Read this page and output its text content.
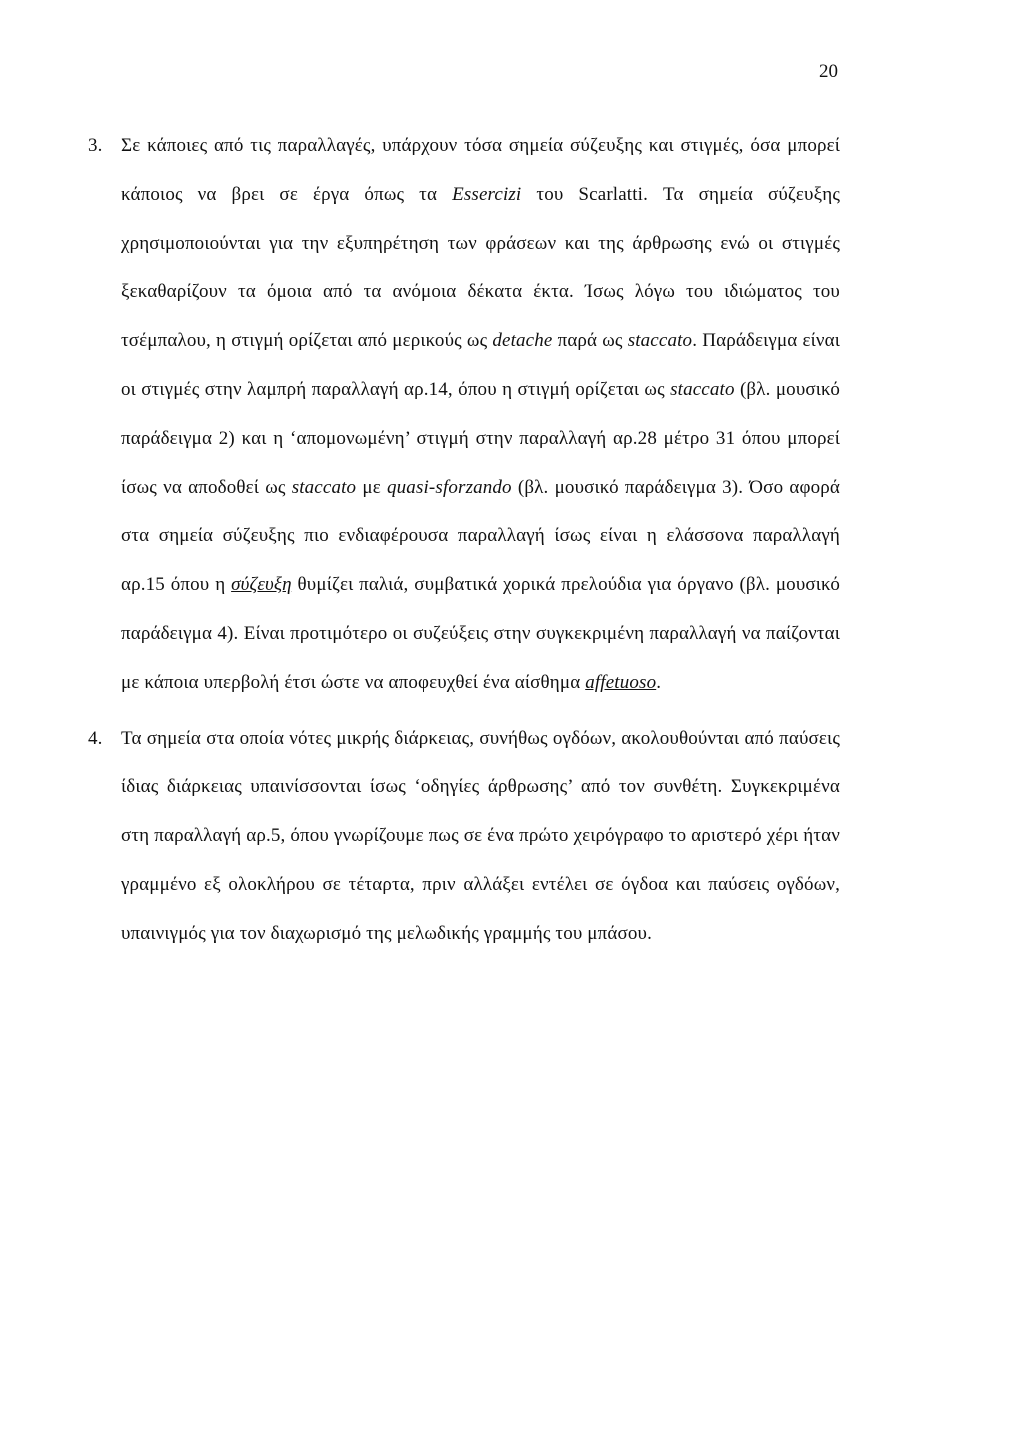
20
3. Σε κάποιες από τις παραλλαγές, υπάρχουν τόσα σημεία σύζευξης και στιγμές, όσα μπορεί κάποιος να βρει σε έργα όπως τα Essercizi του Scarlatti. Τα σημεία σύζευξης χρησιμοποιούνται για την εξυπηρέτηση των φράσεων και της άρθρωσης ενώ οι στιγμές ξεκαθαρίζουν τα όμοια από τα ανόμοια δέκατα έκτα. Ίσως λόγω του ιδιώματος του τσέμπαλου, η στιγμή ορίζεται από μερικούς ως detache παρά ως staccato. Παράδειγμα είναι οι στιγμές στην λαμπρή παραλλαγή αρ.14, όπου η στιγμή ορίζεται ως staccato (βλ. μουσικό παράδειγμα 2) και η ‘απομονωμένη’ στιγμή στην παραλλαγή αρ.28 μέτρο 31 όπου μπορεί ίσως να αποδοθεί ως staccato με quasi-sforzando (βλ. μουσικό παράδειγμα 3). Όσο αφορά στα σημεία σύζευξης πιο ενδιαφέρουσα παραλλαγή ίσως είναι η ελάσσονα παραλλαγή αρ.15 όπου η σύζευξη θυμίζει παλιά, συμβατικά χορικά πρελούδια για όργανο (βλ. μουσικό παράδειγμα 4). Είναι προτιμότερο οι συζεύξεις στην συγκεκριμένη παραλλαγή να παίζονται με κάποια υπερβολή έτσι ώστε να αποφευχθεί ένα αίσθημα affetuoso.
4. Τα σημεία στα οποία νότες μικρής διάρκειας, συνήθως ογδόων, ακολουθούνται από παύσεις ίδιας διάρκειας υπαινίσσονται ίσως ‘οδηγίες άρθρωσης’ από τον συνθέτη. Συγκεκριμένα στη παραλλαγή αρ.5, όπου γνωρίζουμε πως σε ένα πρώτο χειρόγραφο το αριστερό χέρι ήταν γραμμένο εξ ολοκλήρου σε τέταρτα, πριν αλλάξει εντέλει σε όγδοα και παύσεις ογδόων, υπαινιγμός για τον διαχωρισμό της μελωδικής γραμμής του μπάσου.
